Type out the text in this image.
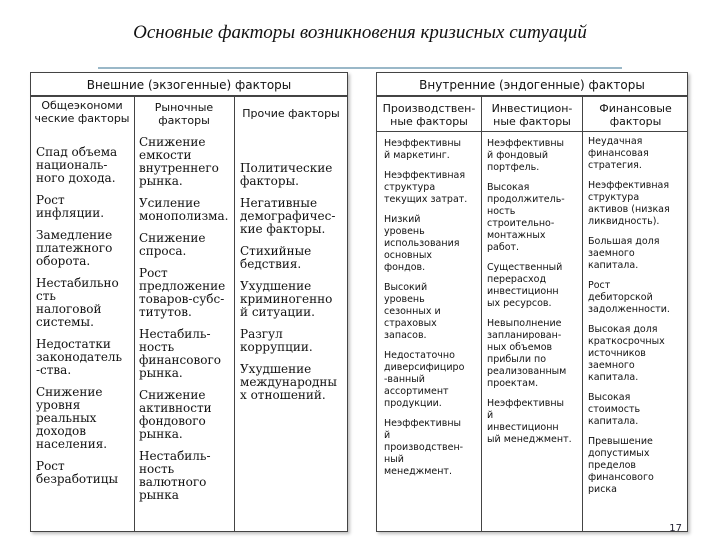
Основные факторы возникновения кризисных ситуаций
Внешние (экзогенные) факторы
Общеэкономи ческие факторы
Рыночные факторы
Прочие факторы
Спад объема
националь-
ного дохода.
Рост
инфляции.
Замедление
платежного
оборота.
Нестабильно
сть
налоговой
системы.
Недостатки
законодатель
-ства.
Снижение
уровня
реальных
доходов
населения.
Рост
безработицы
Снижение
емкости
внутреннего
рынка.
Усиление
монополизма.
Снижение
спроса.
Рост
предложение
товаров-субс-
титутов.
Нестабиль-
ность
финансового
рынка.
Снижение
активности
фондового
рынка.
Нестабиль-
ность
валютного
рынка
Политические
факторы.
Негативные
демографичес-
кие факторы.
Стихийные
бедствия.
Ухудшение
криминогенно
й ситуации.
Разгул
коррупции.
Ухудшение
международны
х отношений.
Внутренние (эндогенные) факторы
Производствен- ные факторы
Инвестицион- ные факторы
Финансовые факторы
Неэффективны
й маркетинг.
Неэффективная
структура
текущих затрат.
Низкий
уровень
использования
основных
фондов.
Высокий
уровень
сезонных и
страховых
запасов.
Недостаточно
диверсифициро
-ванный
ассортимент
продукции.
Неэффективны
й
производствен-
ный
менеджмент.
Неэффективны
й фондовый
портфель.
Высокая
продолжитель-
ность
строительно-
монтажных
работ.
Существенный
перерасход
инвестиционн
ых ресурсов.
Невыполнение
запланирован-
ных объемов
прибыли по
реализованным
проектам.
Неэффективны
й
инвестиционн
ый менеджмент.
Неудачная
финансовая
стратегия.
Неэффективная
структура
активов (низкая
ликвидность).
Большая доля
заемного
капитала.
Рост
дебиторской
задолженности.
Высокая доля
краткосрочных
источников
заемного
капитала.
Высокая
стоимость
капитала.
Превышение
допустимых
пределов
финансового
риска
17
